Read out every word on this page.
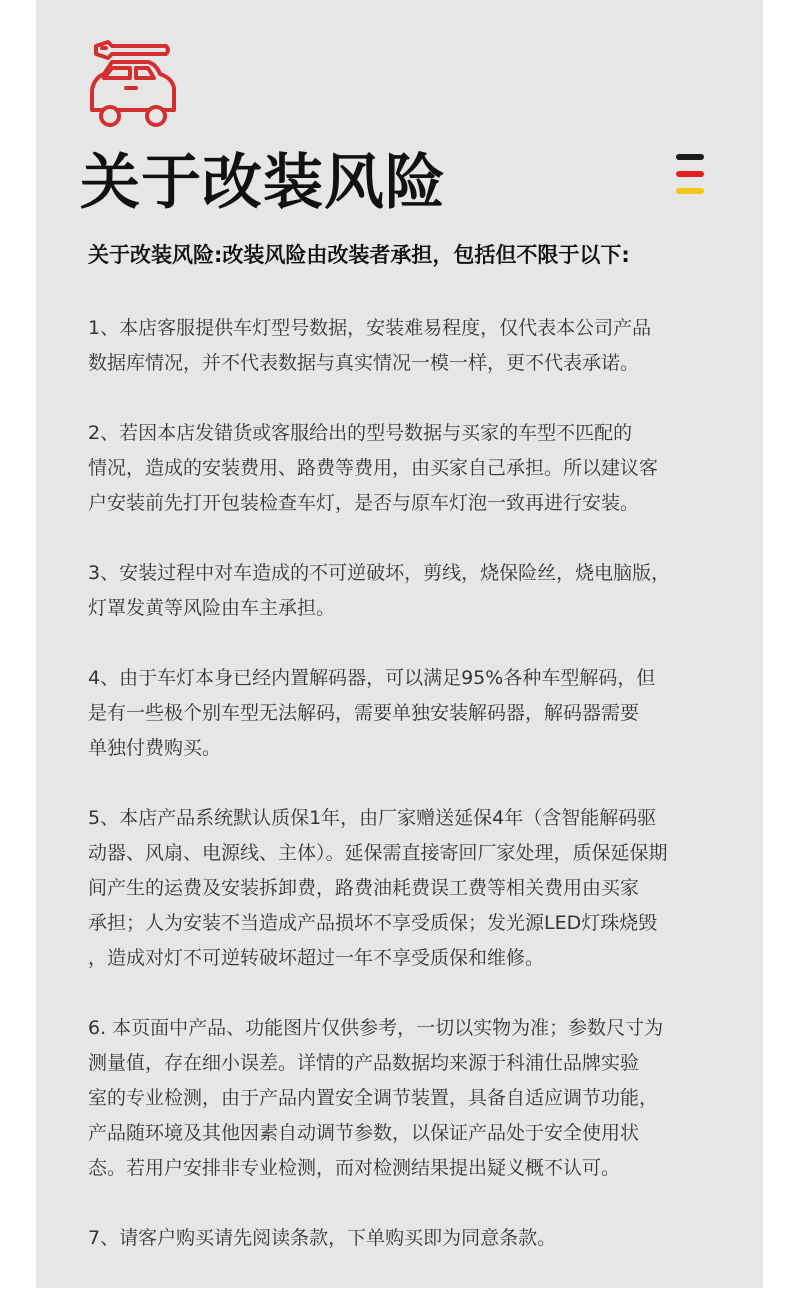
关于改装风险

关于改装风险:改装风险由改装者承担，包括但不限于以下:

1、本店客服提供车灯型号数据，安装难易程度，仅代表本公司产品
数据库情况，并不代表数据与真实情况一模一样，更不代表承诺。

2、若因本店发错货或客服给出的型号数据与买家的车型不匹配的
情况，造成的安装费用、路费等费用，由买家自己承担。所以建议客
户安装前先打开包装检查车灯，是否与原车灯泡一致再进行安装。

3、安装过程中对车造成的不可逆破坏，剪线，烧保险丝，烧电脑版，
灯罩发黄等风险由车主承担。

4、由于车灯本身已经内置解码器，可以满足95%各种车型解码，但
是有一些极个别车型无法解码，需要单独安装解码器，解码器需要
单独付费购买。

5、本店产品系统默认质保1年，由厂家赠送延保4年（含智能解码驱
动器、风扇、电源线、主体）。延保需直接寄回厂家处理，质保延保期
间产生的运费及安装拆卸费，路费油耗费误工费等相关费用由买家
承担；人为安装不当造成产品损坏不享受质保；发光源LED灯珠烧毁
，造成对灯不可逆转破坏超过一年不享受质保和维修。

6. 本页面中产品、功能图片仅供参考，一切以实物为准；参数尺寸为
测量值，存在细小误差。详情的产品数据均来源于科浦仕品牌实验
室的专业检测，由于产品内置安全调节装置，具备自适应调节功能，
产品随环境及其他因素自动调节参数，以保证产品处于安全使用状
态。若用户安排非专业检测，而对检测结果提出疑义概不认可。

7、请客户购买请先阅读条款，下单购买即为同意条款。
